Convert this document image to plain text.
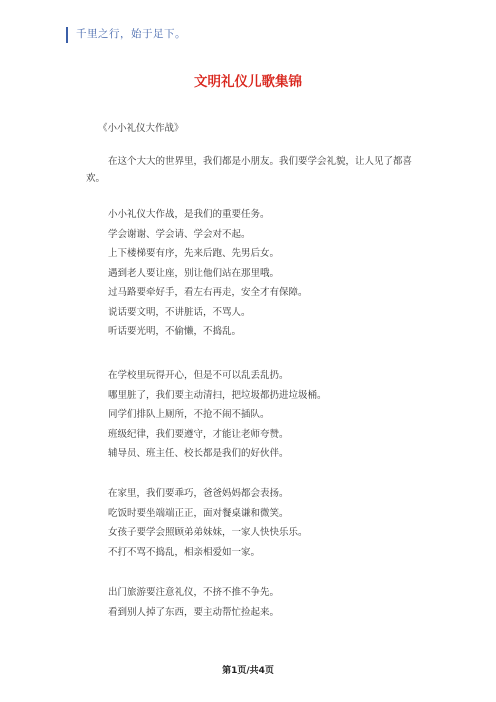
千里之行，始于足下。
文明礼仪儿歌集锦
《小小礼仪大作战》
在这个大大的世界里，我们都是小朋友。我们要学会礼貌，让人见了都喜欢。
小小礼仪大作战，是我们的重要任务。
学会谢谢、学会请、学会对不起。
上下楼梯要有序，先来后跑、先男后女。
遇到老人要让座，别让他们站在那里哦。
过马路要牵好手，看左右再走，安全才有保障。
说话要文明，不讲脏话，不骂人。
听话要光明，不偷懒，不捣乱。
在学校里玩得开心，但是不可以乱丢乱扔。
哪里脏了，我们要主动清扫，把垃圾都扔进垃圾桶。
同学们排队上厕所，不抢不闹不插队。
班级纪律，我们要遵守，才能让老师夸赞。
辅导员、班主任、校长都是我们的好伙伴。
在家里，我们要乖巧，爸爸妈妈都会表扬。
吃饭时要坐端端正正，面对餐桌谦和微笑。
女孩子要学会照顾弟弟妹妹，一家人快快乐乐。
不打不骂不捣乱，相亲相爱如一家。
出门旅游要注意礼仪，不挤不推不争先。
看到别人掉了东西，要主动帮忙捡起来。
第1页/共4页
